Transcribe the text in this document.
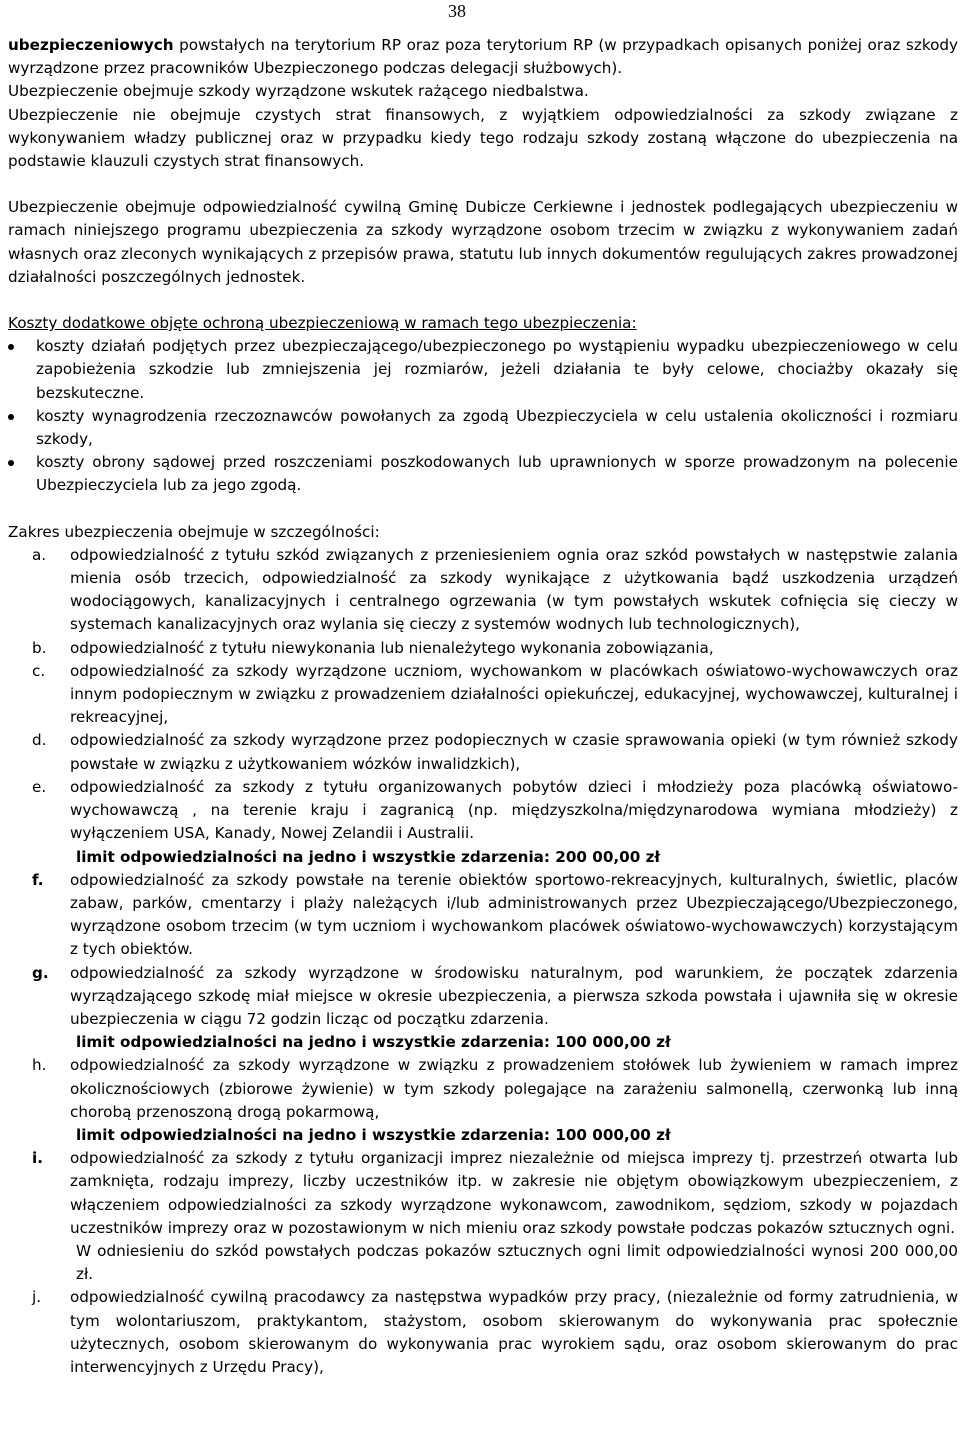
38

ubezpieczeniowych powstałych na terytorium RP oraz poza terytorium RP (w przypadkach opisanych poniżej oraz szkody wyrządzone przez pracowników Ubezpieczonego podczas delegacji służbowych).

Ubezpieczenie obejmuje szkody wyrządzone wskutek rażącego niedbalstwa.

Ubezpieczenie nie obejmuje czystych strat finansowych, z wyjątkiem odpowiedzialności za szkody związane z wykonywaniem władzy publicznej oraz w przypadku kiedy tego rodzaju szkody zostaną włączone do ubezpieczenia na podstawie klauzuli czystych strat finansowych.

Ubezpieczenie obejmuje odpowiedzialność cywilną Gminę Dubicze Cerkiewne i jednostek podlegających ubezpieczeniu w ramach niniejszego programu ubezpieczenia za szkody wyrządzone osobom trzecim w związku z wykonywaniem zadań własnych oraz zleconych wynikających z przepisów prawa, statutu lub innych dokumentów regulujących zakres prowadzonej działalności poszczególnych jednostek.

Koszty dodatkowe objęte ochroną ubezpieczeniową w ramach tego ubezpieczenia:

koszty działań podjętych przez ubezpieczającego/ubezpieczonego po wystąpieniu wypadku ubezpieczeniowego w celu zapobieżenia szkodzie lub zmniejszenia jej rozmiarów, jeżeli działania te były celowe, chociażby okazały się bezskuteczne.
koszty wynagrodzenia rzeczoznawców powołanych za zgodą Ubezpieczyciela w celu ustalenia okoliczności i rozmiaru szkody,
koszty obrony sądowej przed roszczeniami poszkodowanych lub uprawnionych w sporze prowadzonym na polecenie Ubezpieczyciela lub za jego zgodą.

Zakres ubezpieczenia obejmuje w szczególności:

a. odpowiedzialność z tytułu szkód związanych z przeniesieniem ognia oraz szkód powstałych w następstwie zalania mienia osób trzecich, odpowiedzialność za szkody wynikające z użytkowania bądź uszkodzenia urządzeń wodociągowych, kanalizacyjnych i centralnego ogrzewania (w tym powstałych wskutek cofnięcia się cieczy w systemach kanalizacyjnych oraz wylania się cieczy z systemów wodnych lub technologicznych),
b. odpowiedzialność z tytułu niewykonania lub nienależytego wykonania zobowiązania,
c. odpowiedzialność za szkody wyrządzone uczniom, wychowankom w placówkach oświatowo-wychowawczych oraz innym podopiecznym w związku z prowadzeniem działalności opiekuńczej, edukacyjnej, wychowawczej, kulturalnej i rekreacyjnej,
d. odpowiedzialność za szkody wyrządzone przez podopiecznych w czasie sprawowania opieki (w tym również szkody powstałe w związku z użytkowaniem wózków inwalidzkich),
e. odpowiedzialność za szkody z tytułu organizowanych pobytów dzieci i młodzieży poza placówką oświatowo-wychowawczą , na terenie kraju i zagranicą (np. międzyszkolna/międzynarodowa wymiana młodzieży) z wyłączeniem USA, Kanady, Nowej Zelandii i Australii.
limit odpowiedzialności na jedno i wszystkie zdarzenia: 200 00,00 zł
f. odpowiedzialność za szkody powstałe na terenie obiektów sportowo-rekreacyjnych, kulturalnych, świetlic, placów zabaw, parków, cmentarzy i plaży należących i/lub administrowanych przez Ubezpieczającego/Ubezpieczonego, wyrządzone osobom trzecim (w tym uczniom i wychowankom placówek oświatowo-wychowawczych) korzystającym z tych obiektów.
g. odpowiedzialność za szkody wyrządzone w środowisku naturalnym, pod warunkiem, że początek zdarzenia wyrządzającego szkodę miał miejsce w okresie ubezpieczenia, a pierwsza szkoda powstała i ujawniła się w okresie ubezpieczenia w ciągu 72 godzin licząc od początku zdarzenia.
limit odpowiedzialności na jedno i wszystkie zdarzenia: 100 000,00 zł
h. odpowiedzialność za szkody wyrządzone w związku z prowadzeniem stołówek lub żywieniem w ramach imprez okolicznościowych (zbiorowe żywienie) w tym szkody polegające na zarażeniu salmonellą, czerwonką lub inną chorobą przenoszoną drogą pokarmową,
limit odpowiedzialności na jedno i wszystkie zdarzenia: 100 000,00 zł
i. odpowiedzialność za szkody z tytułu organizacji imprez niezależnie od miejsca imprezy tj. przestrzeń otwarta lub zamknięta, rodzaju imprezy, liczby uczestników itp. w zakresie nie objętym obowiązkowym ubezpieczeniem, z włączeniem odpowiedzialności za szkody wyrządzone wykonawcom, zawodnikom, sędziom, szkody w pojazdach uczestników imprezy oraz w pozostawionym w nich mieniu oraz szkody powstałe podczas pokazów sztucznych ogni.
W odniesieniu do szkód powstałych podczas pokazów sztucznych ogni limit odpowiedzialności wynosi 200 000,00 zł.
j. odpowiedzialność cywilną pracodawcy za następstwa wypadków przy pracy, (niezależnie od formy zatrudnienia, w tym wolontariuszom, praktykantom, stażystom, osobom skierowanym do wykonywania prac społecznie użytecznych, osobom skierowanym do wykonywania prac wyrokiem sądu, oraz osobom skierowanym do prac interwencyjnych z Urzędu Pracy),
